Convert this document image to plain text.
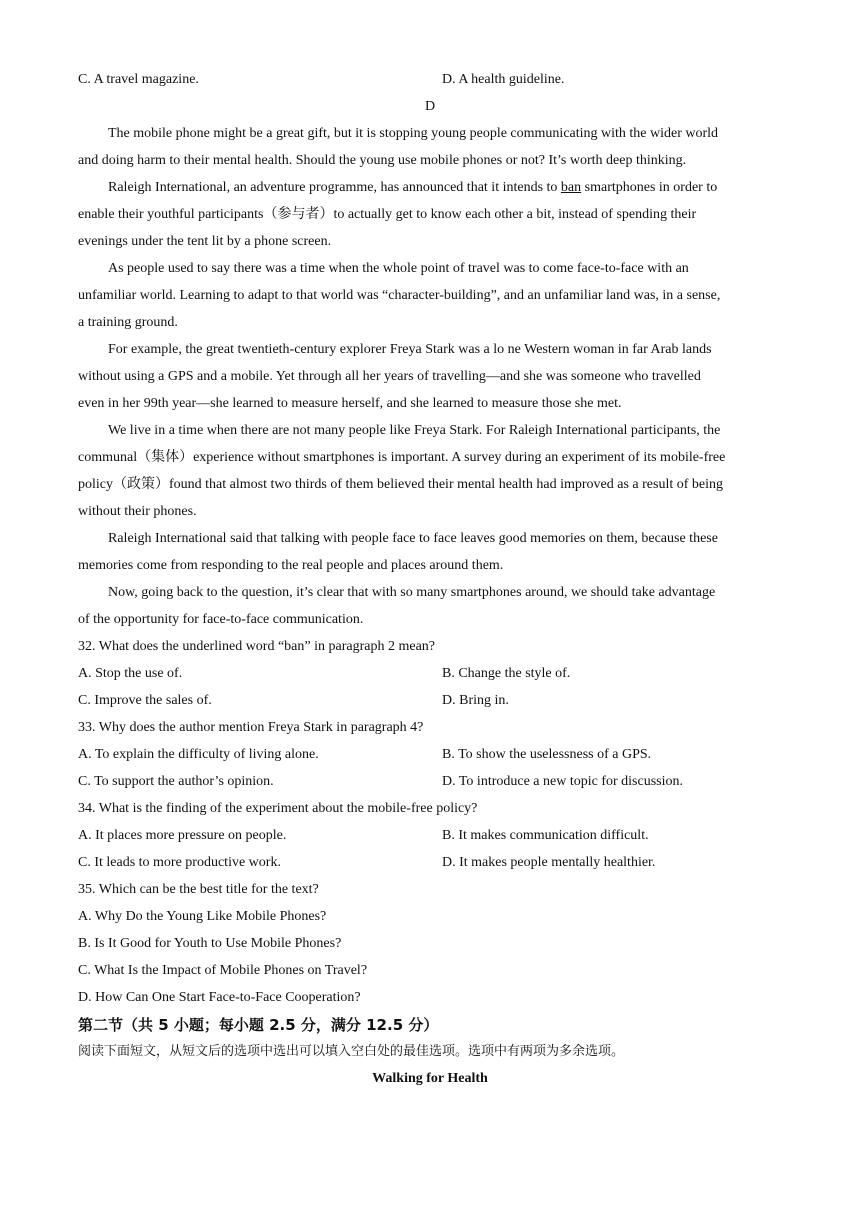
C. A travel magazine.	D. A health guideline.
D
The mobile phone might be a great gift, but it is stopping young people communicating with the wider world
and doing harm to their mental health. Should the young use mobile phones or not? It’s worth deep thinking.
Raleigh International, an adventure programme, has announced that it intends to ban smartphones in order to
enable their youthful participants（参与者）to actually get to know each other a bit, instead of spending their
evenings under the tent lit by a phone screen.
As people used to say there was a time when the whole point of travel was to come face-to-face with an
unfamiliar world. Learning to adapt to that world was “character-building”, and an unfamiliar land was, in a sense,
a training ground.
For example, the great twentieth-century explorer Freya Stark was a lo ne Western woman in far Arab lands
without using a GPS and a mobile. Yet through all her years of travelling—and she was someone who travelled
even in her 99th year—she learned to measure herself, and she learned to measure those she met.
We live in a time when there are not many people like Freya Stark. For Raleigh International participants, the
communal（集体）experience without smartphones is important. A survey during an experiment of its mobile-free
policy（政策）found that almost two thirds of them believed their mental health had improved as a result of being
without their phones.
Raleigh International said that talking with people face to face leaves good memories on them, because these
memories come from responding to the real people and places around them.
Now, going back to the question, it’s clear that with so many smartphones around, we should take advantage
of the opportunity for face-to-face communication.
32. What does the underlined word “ban” in paragraph 2 mean?
A. Stop the use of.	B. Change the style of.
C. Improve the sales of.	D. Bring in.
33. Why does the author mention Freya Stark in paragraph 4?
A. To explain the difficulty of living alone.	B. To show the uselessness of a GPS.
C. To support the author’s opinion.	D. To introduce a new topic for discussion.
34. What is the finding of the experiment about the mobile-free policy?
A. It places more pressure on people.	B. It makes communication difficult.
C. It leads to more productive work.	D. It makes people mentally healthier.
35. Which can be the best title for the text?
A. Why Do the Young Like Mobile Phones?
B. Is It Good for Youth to Use Mobile Phones?
C. What Is the Impact of Mobile Phones on Travel?
D. How Can One Start Face-to-Face Cooperation?
第二节（共 5 小题；每小题 2.5 分，满分 12.5 分）
阅读下面短文，从短文后的选项中选出可以填入空白处的最佳选项。选项中有两项为多余选项。
Walking for Health
